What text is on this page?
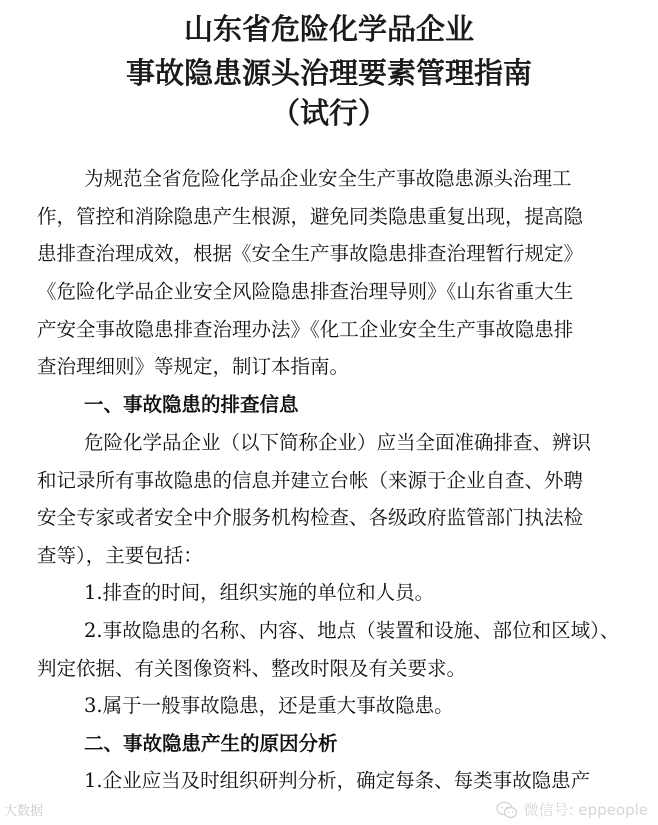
山东省危险化学品企业
事故隐患源头治理要素管理指南
（试行）
为规范全省危险化学品企业安全生产事故隐患源头治理工
作，管控和消除隐患产生根源，避免同类隐患重复出现，提高隐
患排查治理成效，根据《安全生产事故隐患排查治理暂行规定》
《危险化学品企业安全风险隐患排查治理导则》《山东省重大生
产安全事故隐患排查治理办法》《化工企业安全生产事故隐患排
查治理细则》等规定，制订本指南。
一、事故隐患的排查信息
危险化学品企业（以下简称企业）应当全面准确排查、辨识
和记录所有事故隐患的信息并建立台帐（来源于企业自查、外聘
安全专家或者安全中介服务机构检查、各级政府监管部门执法检
查等），主要包括：
1.排查的时间，组织实施的单位和人员。
2.事故隐患的名称、内容、地点（装置和设施、部位和区域）、
判定依据、有关图像资料、整改时限及有关要求。
3.属于一般事故隐患，还是重大事故隐患。
二、事故隐患产生的原因分析
1.企业应当及时组织研判分析，确定每条、每类事故隐患产
大数据	微信号: eppeople
